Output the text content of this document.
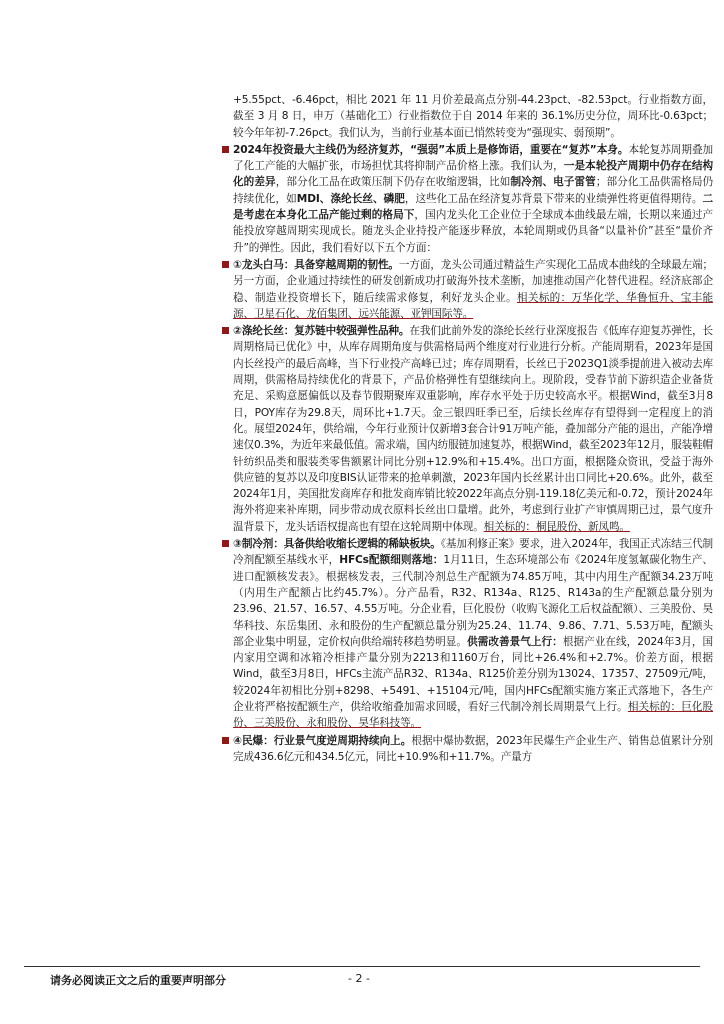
+5.55pct、-6.46pct，相比 2021 年 11 月价差最高点分别-44.23pct、-82.53pct。行业指数方面，截至 3 月 8 日，申万（基础化工）行业指数位于自 2014 年来的 36.1%历史分位，周环比-0.63pct；较今年年初-7.26pct。我们认为，当前行业基本面已悄然转变为“强现实、弱预期”。
2024年投资最大主线仍为经济复苏，“强弱”本质上是修饰语，重要在“复苏”本身。本轮复苏周期叠加了化工产能的大幅扩张，市场担忧其将抑制产品价格上涨。我们认为，一是本轮投产周期中仍存在结构化的差异，部分化工品在政策压制下仍存在收缩逻辑，比如制冷剂、电子雷管；部分化工品供需格局仍持续优化，如MDI、涤纶长丝、磷肥，这些化工品在经济复苏背景下带来的业绩弹性将更值得期待。二是考虑在本身化工品产能过剩的格局下，国内龙头化工企业位于全球成本曲线最左端，长期以来通过产能投放穿越周期实现成长。随龙头企业持投产能逐步释放，本轮周期或仍具备“以量补价”甚至“量价齐升”的弹性。因此，我们看好以下五个方面：
①龙头白马：具备穿越周期的韧性。一方面，龙头公司通过精益生产实现化工品成本曲线的全球最左端；另一方面，企业通过持续性的研发创新成功打破海外技术垄断，加速推动国产化替代进程。经济底部企稳、制造业投资增长下，随后续需求修复，利好龙头企业。相关标的：万华化学、华鲁恒升、宝丰能源、卫星石化、龙佰集团、远兴能源、亚钾国际等。
②涤纶长丝：复苏链中较强弹性品种。在我们此前外发的涤纶长丝行业深度报告《低库存迎复苏弹性，长周期格局已优化》中，从库存周期角度与供需格局两个维度对行业进行分析。产能周期看，2023年是国内长丝投产的最后高峰，当下行业投产高峰已过；库存周期看，长丝已于2023Q1淡季提前进入被动去库周期，供需格局持续优化的背景下，产品价格弹性有望继续向上。现阶段，受春节前下游织造企业备货充足、采购意愿偏低以及春节假期聚库双重影响，库存水平处于历史较高水平。根据Wind，截至3月8日，POY库存为29.8天，周环比+1.7天。金三银四旺季已至，后续长丝库存有望得到一定程度上的消化。展望2024年，供给端，今年行业预计仅新增3套合计91万吨产能，叠加部分产能的退出，产能净增速仅0.3%，为近年来最低值。需求端，国内纺服链加速复苏，根据Wind，截至2023年12月，服装鞋帽针纺织品类和服装类零售额累计同比分别+12.9%和+15.4%。出口方面，根据隆众资讯，受益于海外供应链的复苏以及印度BIS认证带来的抢单刺激，2023年国内长丝累计出口同比+20.6%。此外，截至2024年1月，美国批发商库存和批发商库销比较2022年高点分别-119.18亿美元和-0.72，预计2024年海外将迎来补库期，同步带动成衣原料长丝出口量增。此外，考虑到行业扩产审慎周期已过，景气度升温背景下，龙头话语权提高也有望在这轮周期中体现。相关标的：桐昆股份、新凤鸣。
③制冷剂：具备供给收缩长逻辑的稀缺板块。《基加利修正案》要求，进入2024年，我国正式冻结三代制冷剂配额至基线水平，HFCs配额细则落地：1月11日，生态环境部公布《2024年度氢氟碳化物生产、进口配额核发表》。根据核发表，三代制冷剂总生产配额为74.85万吨，其中内用生产配额34.23万吨（内用生产配额占比约45.7%）。分产品看，R32、R134a、R125、R143a的生产配额总量分别为23.96、21.57、16.57、4.55万吨。分企业看，巨化股份（收购飞源化工后权益配额）、三美股份、昊华科技、东岳集团、永和股份的生产配额总量分别为25.24、11.74、9.86、7.71、5.53万吨，配额头部企业集中明显，定价权向供给端转移趋势明显。供需改善景气上行：根据产业在线，2024年3月，国内家用空调和冰箱冷柜排产量分别为2213和1160万台，同比+26.4%和+2.7%。价差方面，根据Wind，截至3月8日，HFCs主流产品R32、R134a、R125价差分别为13024、17357、27509元/吨，较2024年初相比分别+8298、+5491、+15104元/吨，国内HFCs配额实施方案正式落地下，各生产企业将严格按配额生产，供给收缩叠加需求回暖，看好三代制冷剂长周期景气上行。相关标的：巨化股份、三美股份、永和股份、昊华科技等。
④民爆：行业景气度逆周期持续向上。根据中爆协数据，2023年民爆生产企业生产、销售总值累计分别完成436.6亿元和434.5亿元，同比+10.9%和+11.7%。产量方
请务必阅读正文之后的重要声明部分	- 2 -
